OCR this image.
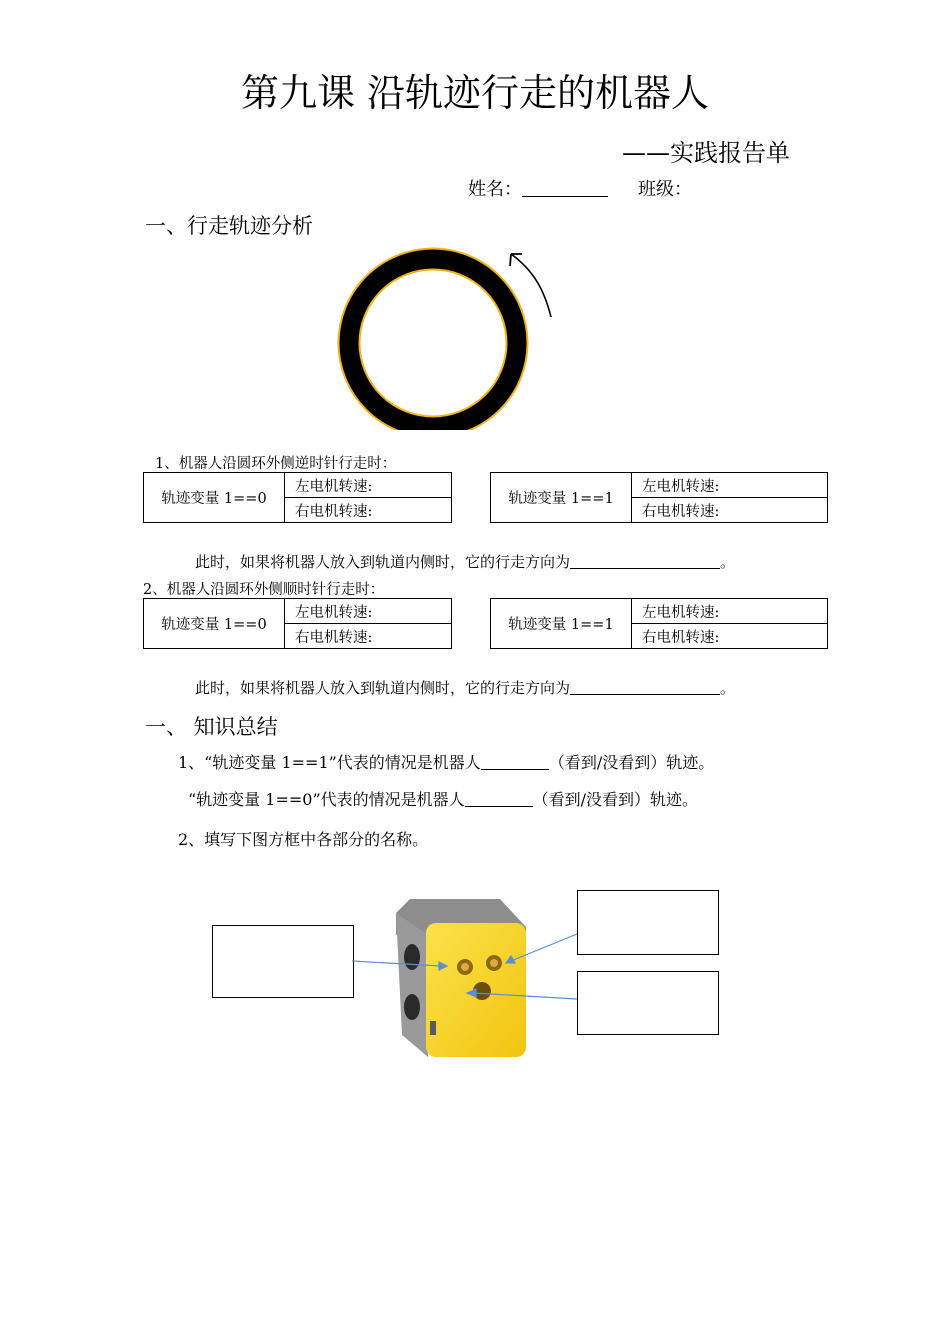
第九课 沿轨迹行走的机器人
——实践报告单
姓名：	班级：
一、行走轨迹分析
1、机器人沿圆环外侧逆时针行走时：
轨迹变量 1==0	左电机转速:
右电机转速:
轨迹变量 1==1	左电机转速:
右电机转速:
此时，如果将机器人放入到轨道内侧时，它的行走方向为	。
2、机器人沿圆环外侧顺时针行走时：
轨迹变量 1==0	左电机转速:
右电机转速:
轨迹变量 1==1	左电机转速:
右电机转速:
此时，如果将机器人放入到轨道内侧时，它的行走方向为	。
一、 知识总结
1、“轨迹变量 1==1”代表的情况是机器人	（看到/没看到）轨迹。
“轨迹变量 1==0”代表的情况是机器人	（看到/没看到）轨迹。
2、填写下图方框中各部分的名称。
